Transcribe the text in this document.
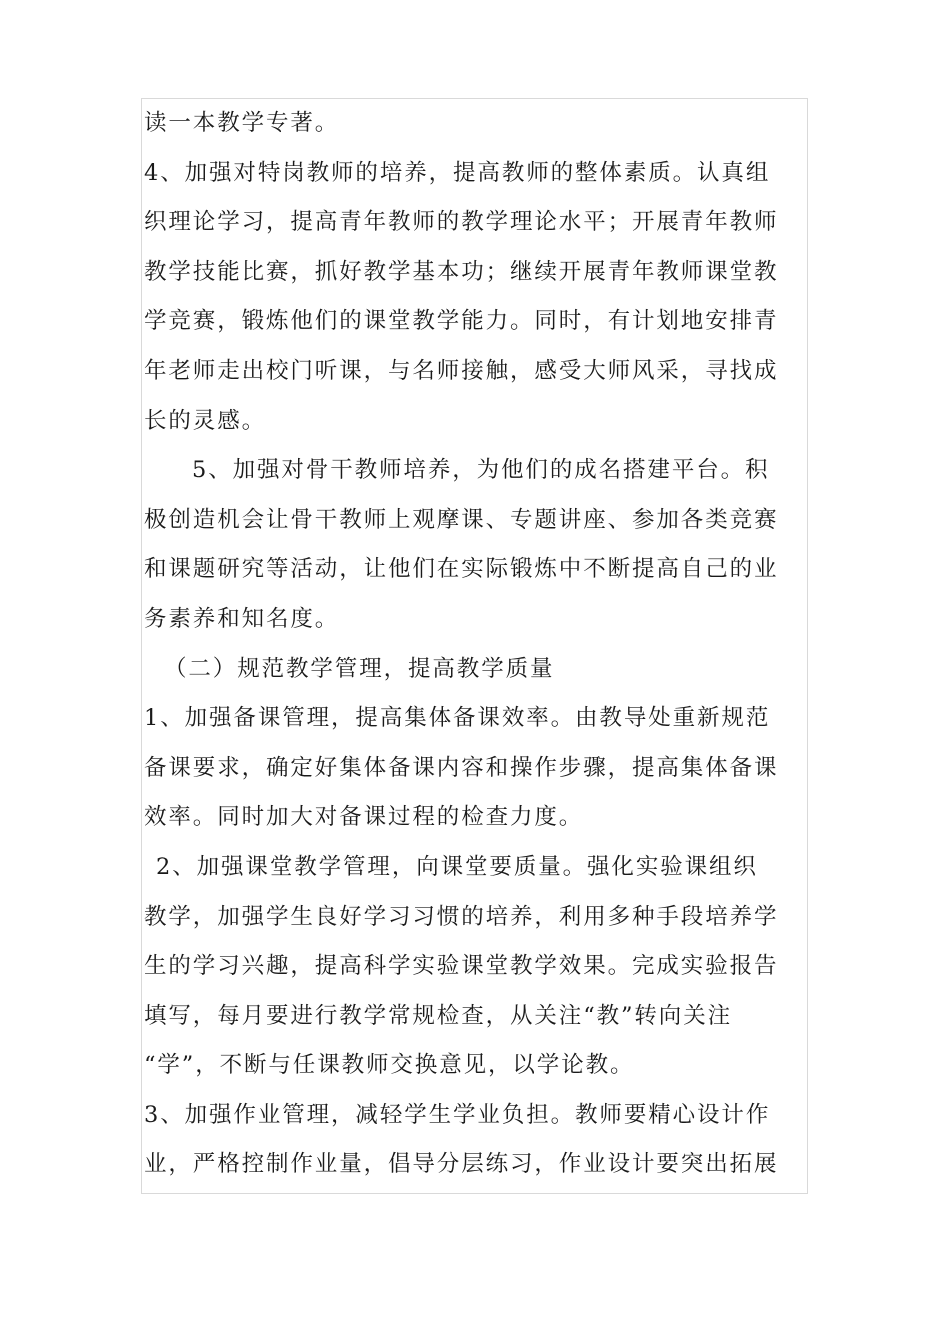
读一本教学专著。
4、加强对特岗教师的培养，提高教师的整体素质。认真组
织理论学习，提高青年教师的教学理论水平；开展青年教师
教学技能比赛，抓好教学基本功；继续开展青年教师课堂教
学竞赛，锻炼他们的课堂教学能力。同时，有计划地安排青
年老师走出校门听课，与名师接触，感受大师风采，寻找成
长的灵感。
5、加强对骨干教师培养，为他们的成名搭建平台。积
极创造机会让骨干教师上观摩课、专题讲座、参加各类竞赛
和课题研究等活动，让他们在实际锻炼中不断提高自己的业
务素养和知名度。
（二）规范教学管理，提高教学质量
1、加强备课管理，提高集体备课效率。由教导处重新规范
备课要求，确定好集体备课内容和操作步骤，提高集体备课
效率。同时加大对备课过程的检查力度。
2、加强课堂教学管理，向课堂要质量。强化实验课组织
教学，加强学生良好学习习惯的培养，利用多种手段培养学
生的学习兴趣，提高科学实验课堂教学效果。完成实验报告
填写，每月要进行教学常规检查，从关注“教”转向关注
“学”，不断与任课教师交换意见，以学论教。
3、加强作业管理，减轻学生学业负担。教师要精心设计作
业，严格控制作业量，倡导分层练习，作业设计要突出拓展
